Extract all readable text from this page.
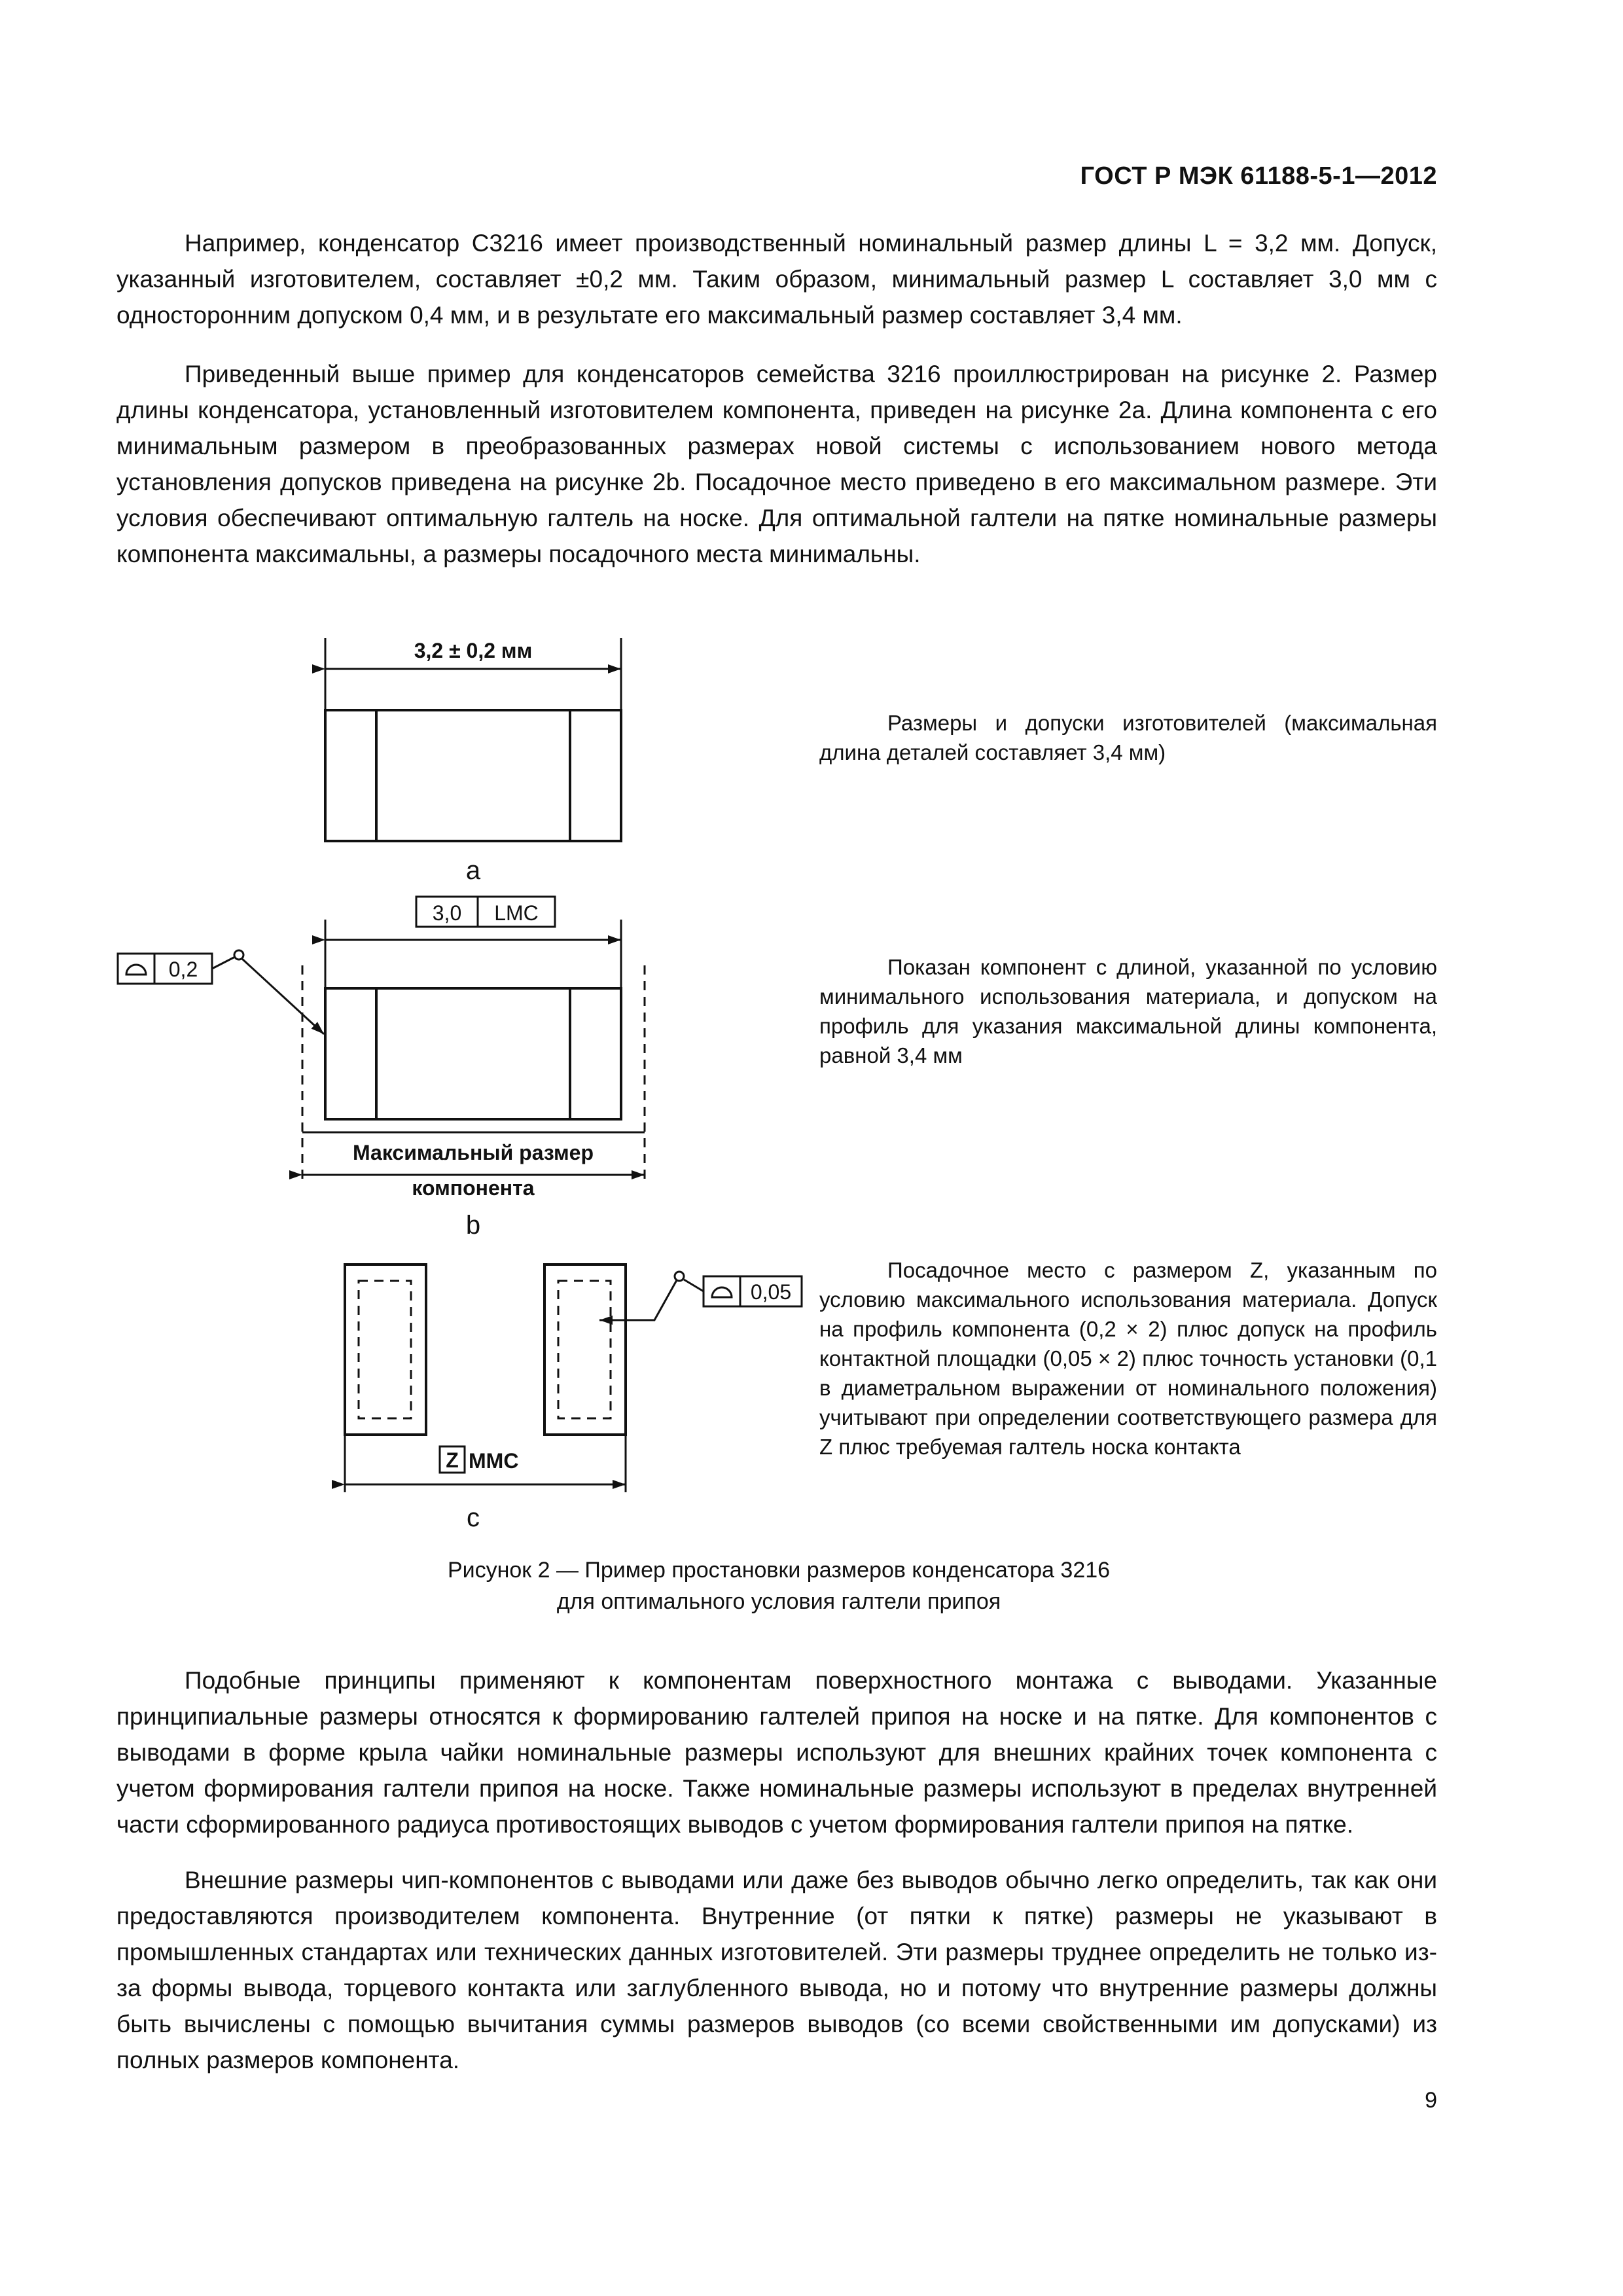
ГОСТ Р МЭК 61188-5-1—2012

Например, конденсатор С3216 имеет производственный номинальный размер длины L = 3,2 мм. Допуск, указанный изготовителем, составляет ±0,2 мм. Таким образом, минимальный размер L составляет 3,0 мм с односторонним допуском 0,4 мм, и в результате его максимальный размер составляет 3,4 мм.

Приведенный выше пример для конденсаторов семейства 3216 проиллюстрирован на рисунке 2. Размер длины конденсатора, установленный изготовителем компонента, приведен на рисунке 2а. Длина компонента с его минимальным размером в преобразованных размерах новой системы с использованием нового метода установления допусков приведена на рисунке 2b. Посадочное место приведено в его максимальном размере. Эти условия обеспечивают оптимальную галтель на носке. Для оптимальной галтели на пятке номинальные размеры компонента максимальны, а размеры посадочного места минимальны.

3,2 ± 0,2 мм
a
3,0 LMC
0,2
Максимальный размер
компонента
b
0,05
Z MMC
c

Размеры и допуски изготовителей (максимальная длина деталей составляет 3,4 мм)

Показан компонент с длиной, указанной по условию минимального использования материала, и допуском на профиль для указания максимальной длины компонента, равной 3,4 мм

Посадочное место с размером Z, указанным по условию максимального использования материала. Допуск на профиль компонента (0,2 × 2) плюс допуск на профиль контактной площадки (0,05 × 2) плюс точность установки (0,1 в диаметральном выражении от номинального положения) учитывают при определении соответствующего размера для Z плюс требуемая галтель носка контакта

Рисунок 2 — Пример простановки размеров конденсатора 3216
для оптимального условия галтели припоя

Подобные принципы применяют к компонентам поверхностного монтажа с выводами. Указанные принципиальные размеры относятся к формированию галтелей припоя на носке и на пятке. Для компонентов с выводами в форме крыла чайки номинальные размеры используют для внешних крайних точек компонента с учетом формирования галтели припоя на носке. Также номинальные размеры используют в пределах внутренней части сформированного радиуса противостоящих выводов с учетом формирования галтели припоя на пятке.

Внешние размеры чип-компонентов с выводами или даже без выводов обычно легко определить, так как они предоставляются производителем компонента. Внутренние (от пятки к пятке) размеры не указывают в промышленных стандартах или технических данных изготовителей. Эти размеры труднее определить не только из-за формы вывода, торцевого контакта или заглубленного вывода, но и потому что внутренние размеры должны быть вычислены с помощью вычитания суммы размеров выводов (со всеми свойственными им допусками) из полных размеров компонента.

9
